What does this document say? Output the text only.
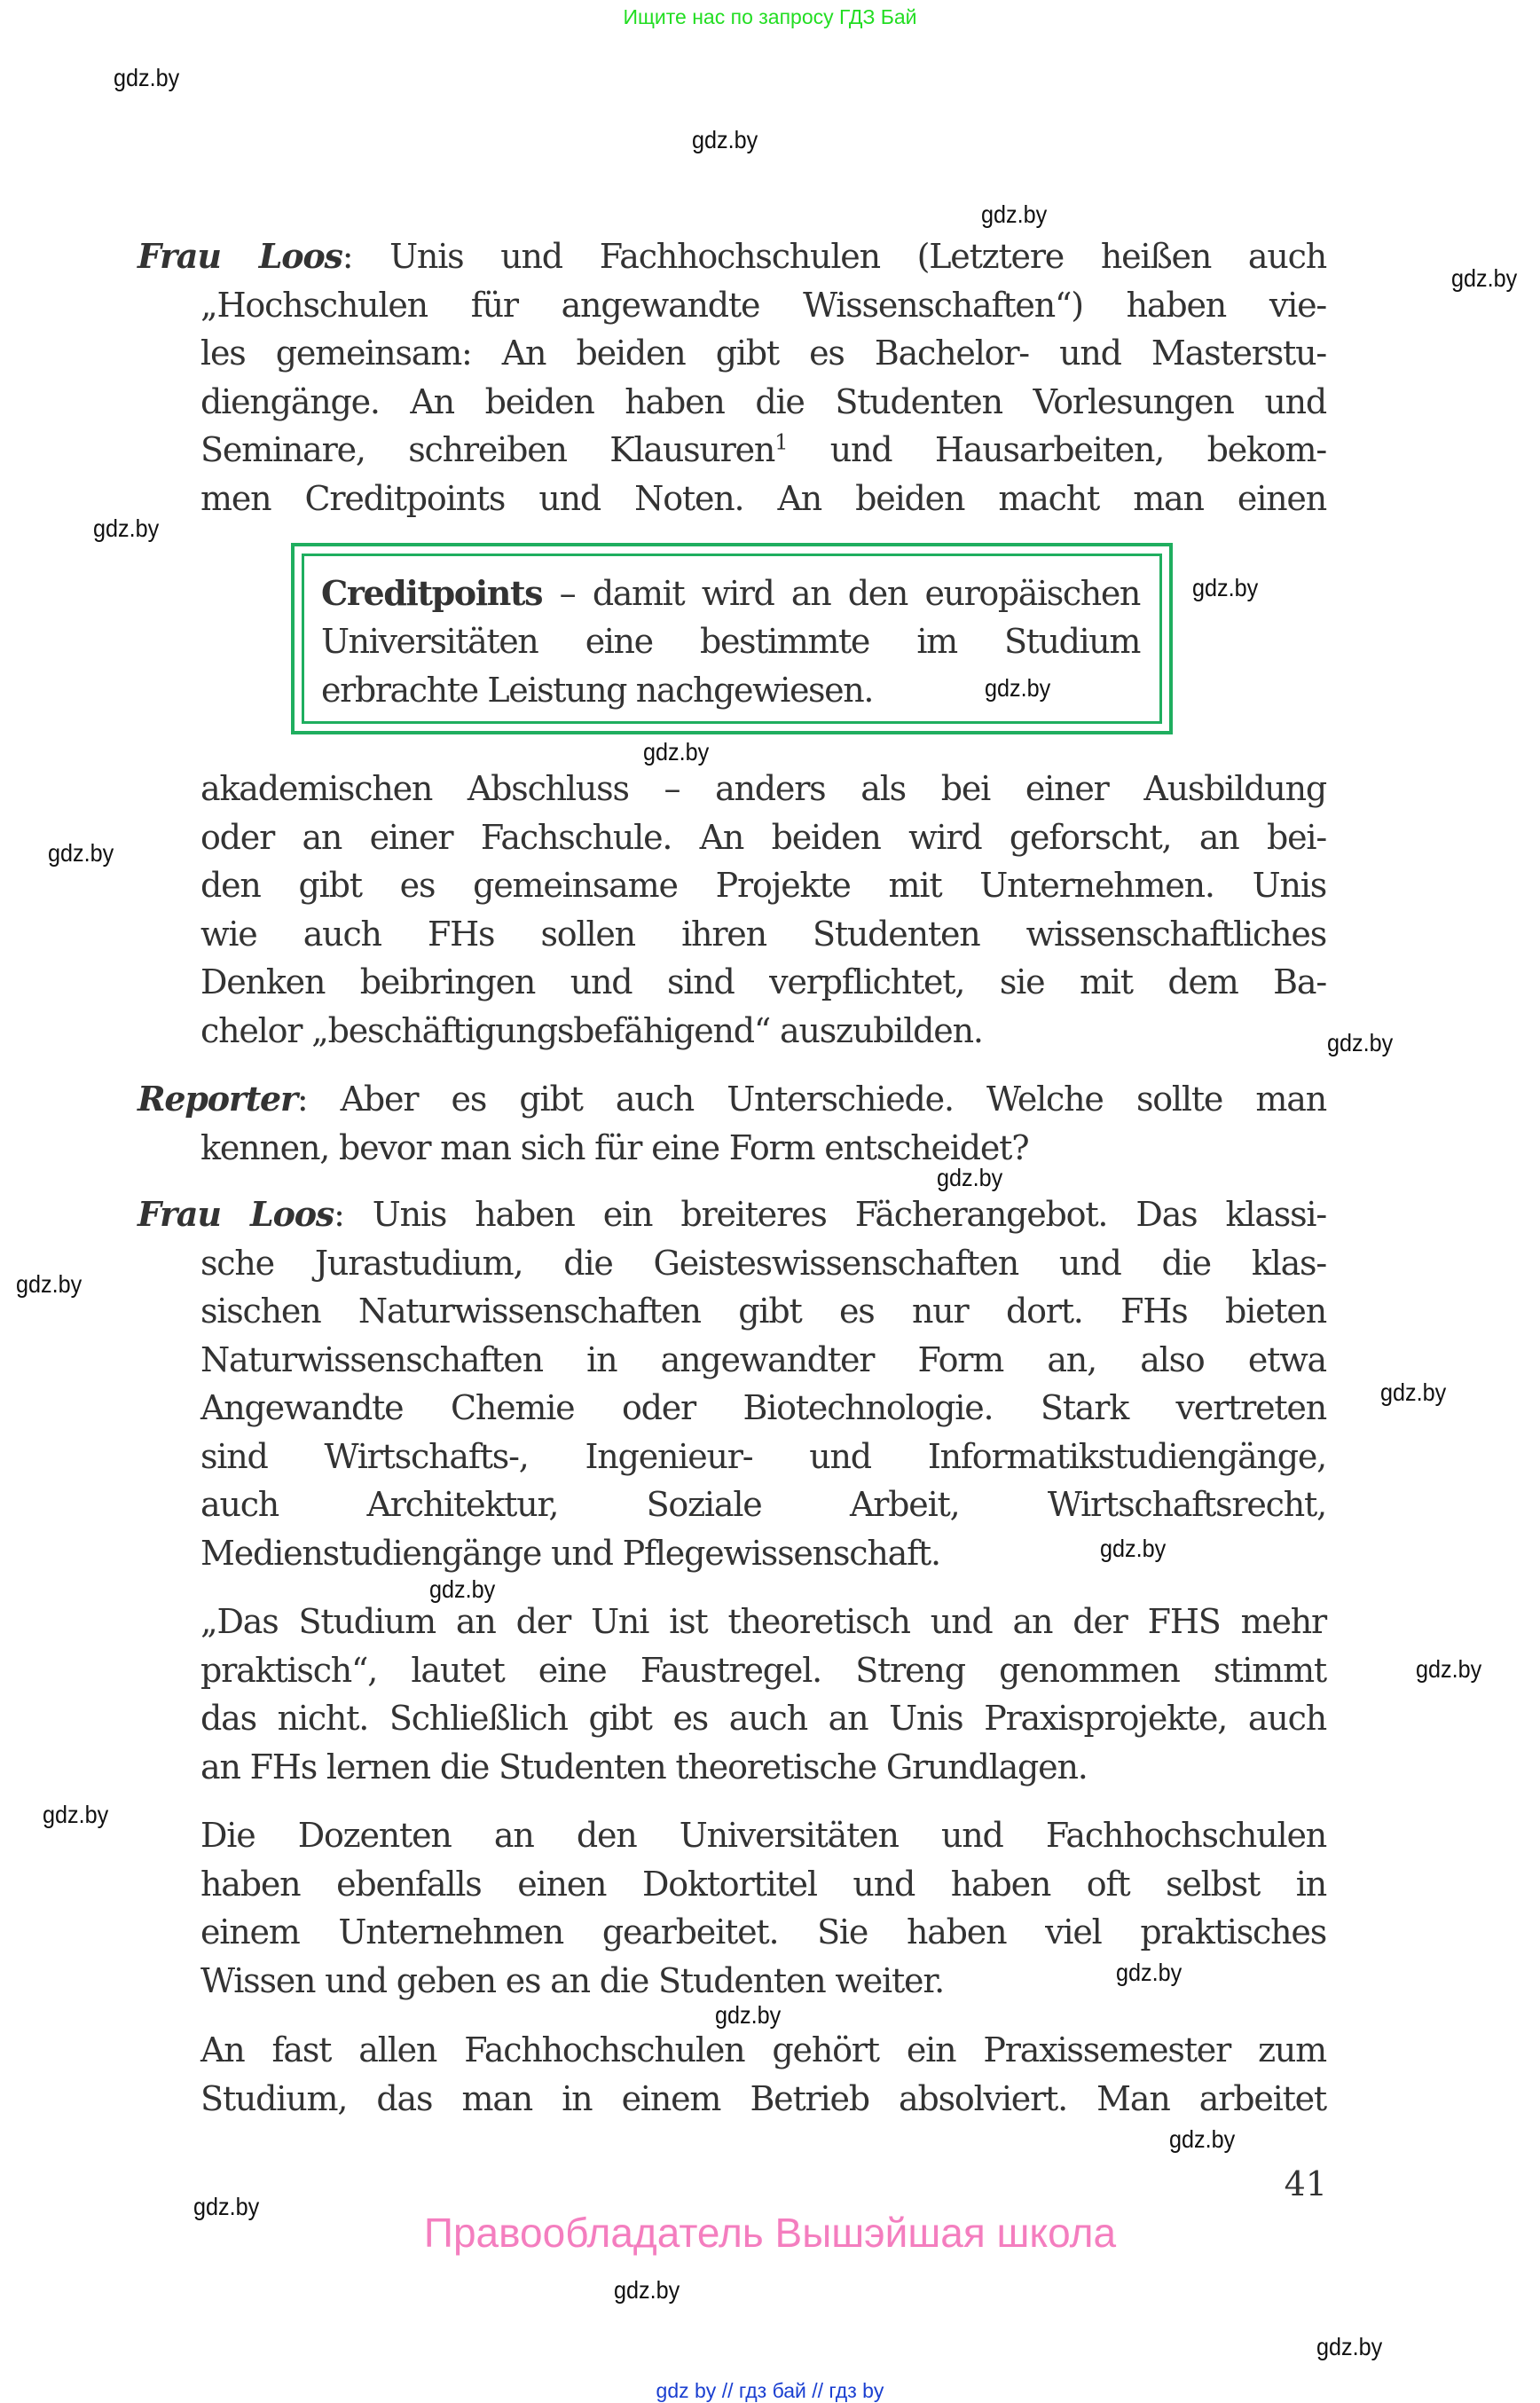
Ищите нас по запросу ГДЗ Бай
Frau Loos: Unis und Fachhochschulen (Letztere heißen auch
„Hochschulen für angewandte Wissenschaften“) haben vie-
les gemeinsam: An beiden gibt es Bachelor- und Masterstu-
diengänge. An beiden haben die Studenten Vorlesungen und
Seminare, schreiben Klausuren$^1$ und Hausarbeiten, bekom-
men Creditpoints und Noten. An beiden macht man einen
Creditpoints – damit wird an den europäischen
Universitäten eine bestimmte im Studium
erbrachte Leistung nachgewiesen.
akademischen Abschluss – anders als bei einer Ausbildung
oder an einer Fachschule. An beiden wird geforscht, an bei-
den gibt es gemeinsame Projekte mit Unternehmen. Unis
wie auch FHs sollen ihren Studenten wissenschaftliches
Denken beibringen und sind verpflichtet, sie mit dem Ba-
chelor „beschäftigungsbefähigend“ auszubilden.
Reporter: Aber es gibt auch Unterschiede. Welche sollte man
kennen, bevor man sich für eine Form entscheidet?
Frau Loos: Unis haben ein breiteres Fächerangebot. Das klassi-
sche Jurastudium, die Geisteswissenschaften und die klas-
sischen Naturwissenschaften gibt es nur dort. FHs bieten
Naturwissenschaften in angewandter Form an, also etwa
Angewandte Chemie oder Biotechnologie. Stark vertreten
sind Wirtschafts-, Ingenieur- und Informatikstudiengänge,
auch Architektur, Soziale Arbeit, Wirtschaftsrecht,
Medienstudiengänge und Pflegewissenschaft.
„Das Studium an der Uni ist theoretisch und an der FHS mehr
praktisch“, lautet eine Faustregel. Streng genommen stimmt
das nicht. Schließlich gibt es auch an Unis Praxisprojekte, auch
an FHs lernen die Studenten theoretische Grundlagen.
Die Dozenten an den Universitäten und Fachhochschulen
haben ebenfalls einen Doktortitel und haben oft selbst in
einem Unternehmen gearbeitet. Sie haben viel praktisches
Wissen und geben es an die Studenten weiter.
An fast allen Fachhochschulen gehört ein Praxissemester zum
Studium, das man in einem Betrieb absolviert. Man arbeitet
41
Правообладатель Вышэйшая школа
gdz by // гдз бай // гдз by
gdz.by
gdz.by
gdz.by
gdz.by
gdz.by
gdz.by
gdz.by
gdz.by
gdz.by
gdz.by
gdz.by
gdz.by
gdz.by
gdz.by
gdz.by
gdz.by
gdz.by
gdz.by
gdz.by
gdz.by
gdz.by
gdz.by
gdz.by
